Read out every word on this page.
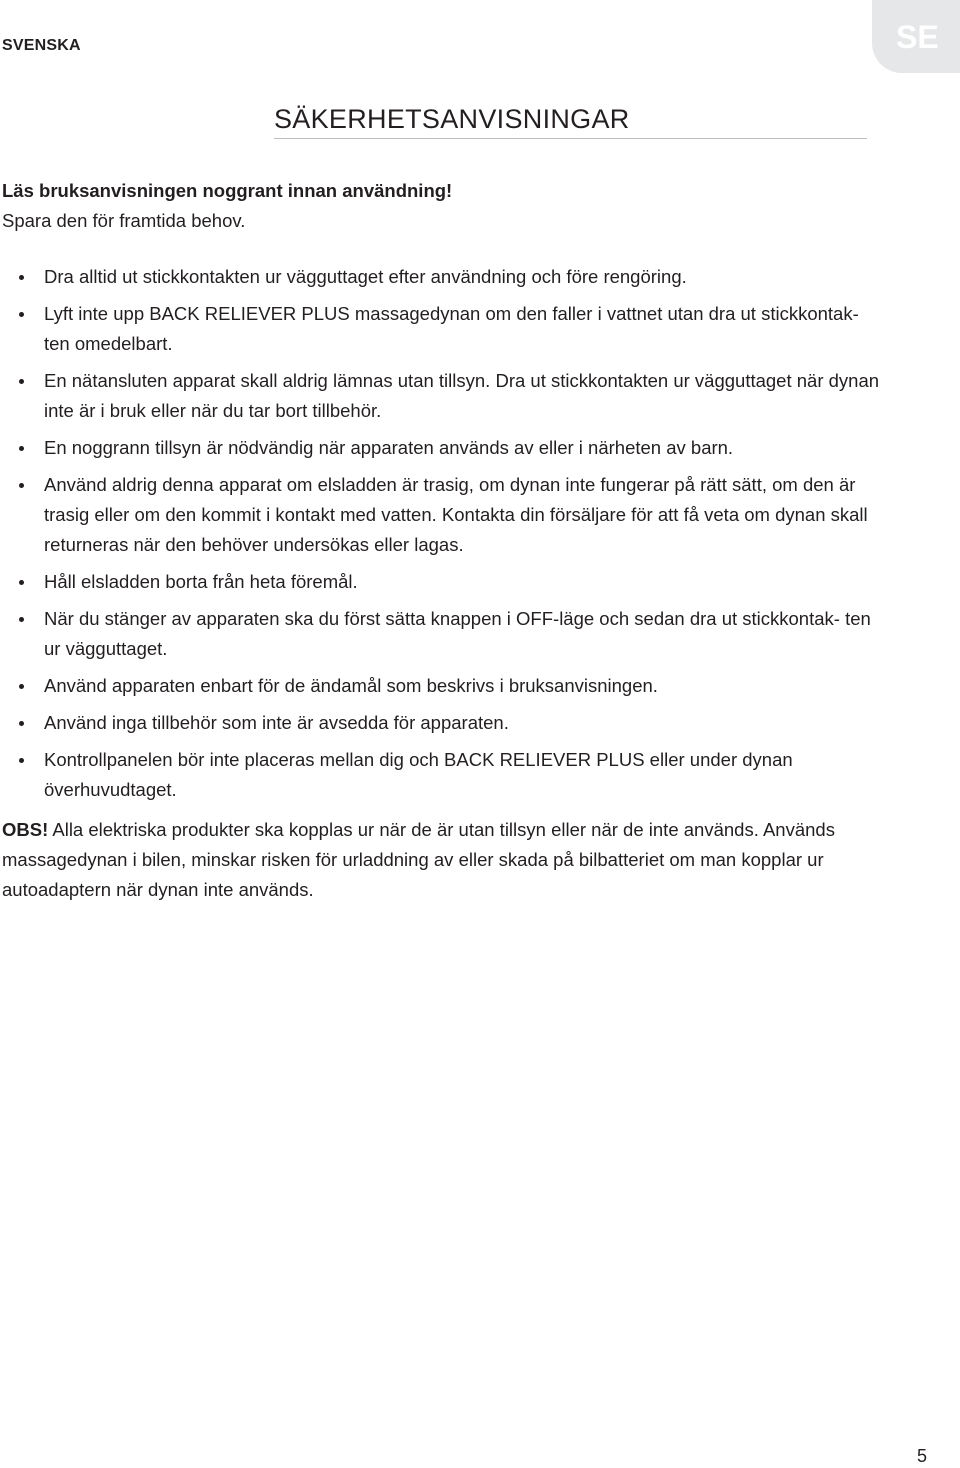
SVENSKA	SE
SÄKERHETSANVISNINGAR
Läs bruksanvisningen noggrant innan användning!
Spara den för framtida behov.
Dra alltid ut stickkontakten ur vägguttaget efter användning och före rengöring.
Lyft inte upp BACK RELIEVER PLUS massagedynan om den faller i vattnet utan dra ut stickkontak- ten omedelbart.
En nätansluten apparat skall aldrig lämnas utan tillsyn. Dra ut stickkontakten ur vägguttaget när dynan inte är i bruk eller när du tar bort tillbehör.
En noggrann tillsyn är nödvändig när apparaten används av eller i närheten av barn.
Använd aldrig denna apparat om elsladden är trasig, om dynan inte fungerar på rätt sätt, om den är trasig eller om den kommit i kontakt med vatten. Kontakta din försäljare för att få veta om dynan skall returneras när den behöver undersökas eller lagas.
Håll elsladden borta från heta föremål.
När du stänger av apparaten ska du först sätta knappen i OFF-läge och sedan dra ut stickkontak- ten ur vägguttaget.
Använd apparaten enbart för de ändamål som beskrivs i bruksanvisningen.
Använd inga tillbehör som inte är avsedda för apparaten.
Kontrollpanelen bör inte placeras mellan dig och BACK RELIEVER PLUS eller under dynan överhuvudtaget.

OBS! Alla elektriska produkter ska kopplas ur när de är utan tillsyn eller när de inte används. Används massagedynan i bilen, minskar risken för urladdning av eller skada på bilbatteriet om man kopplar ur autoadaptern när dynan inte används.

5
